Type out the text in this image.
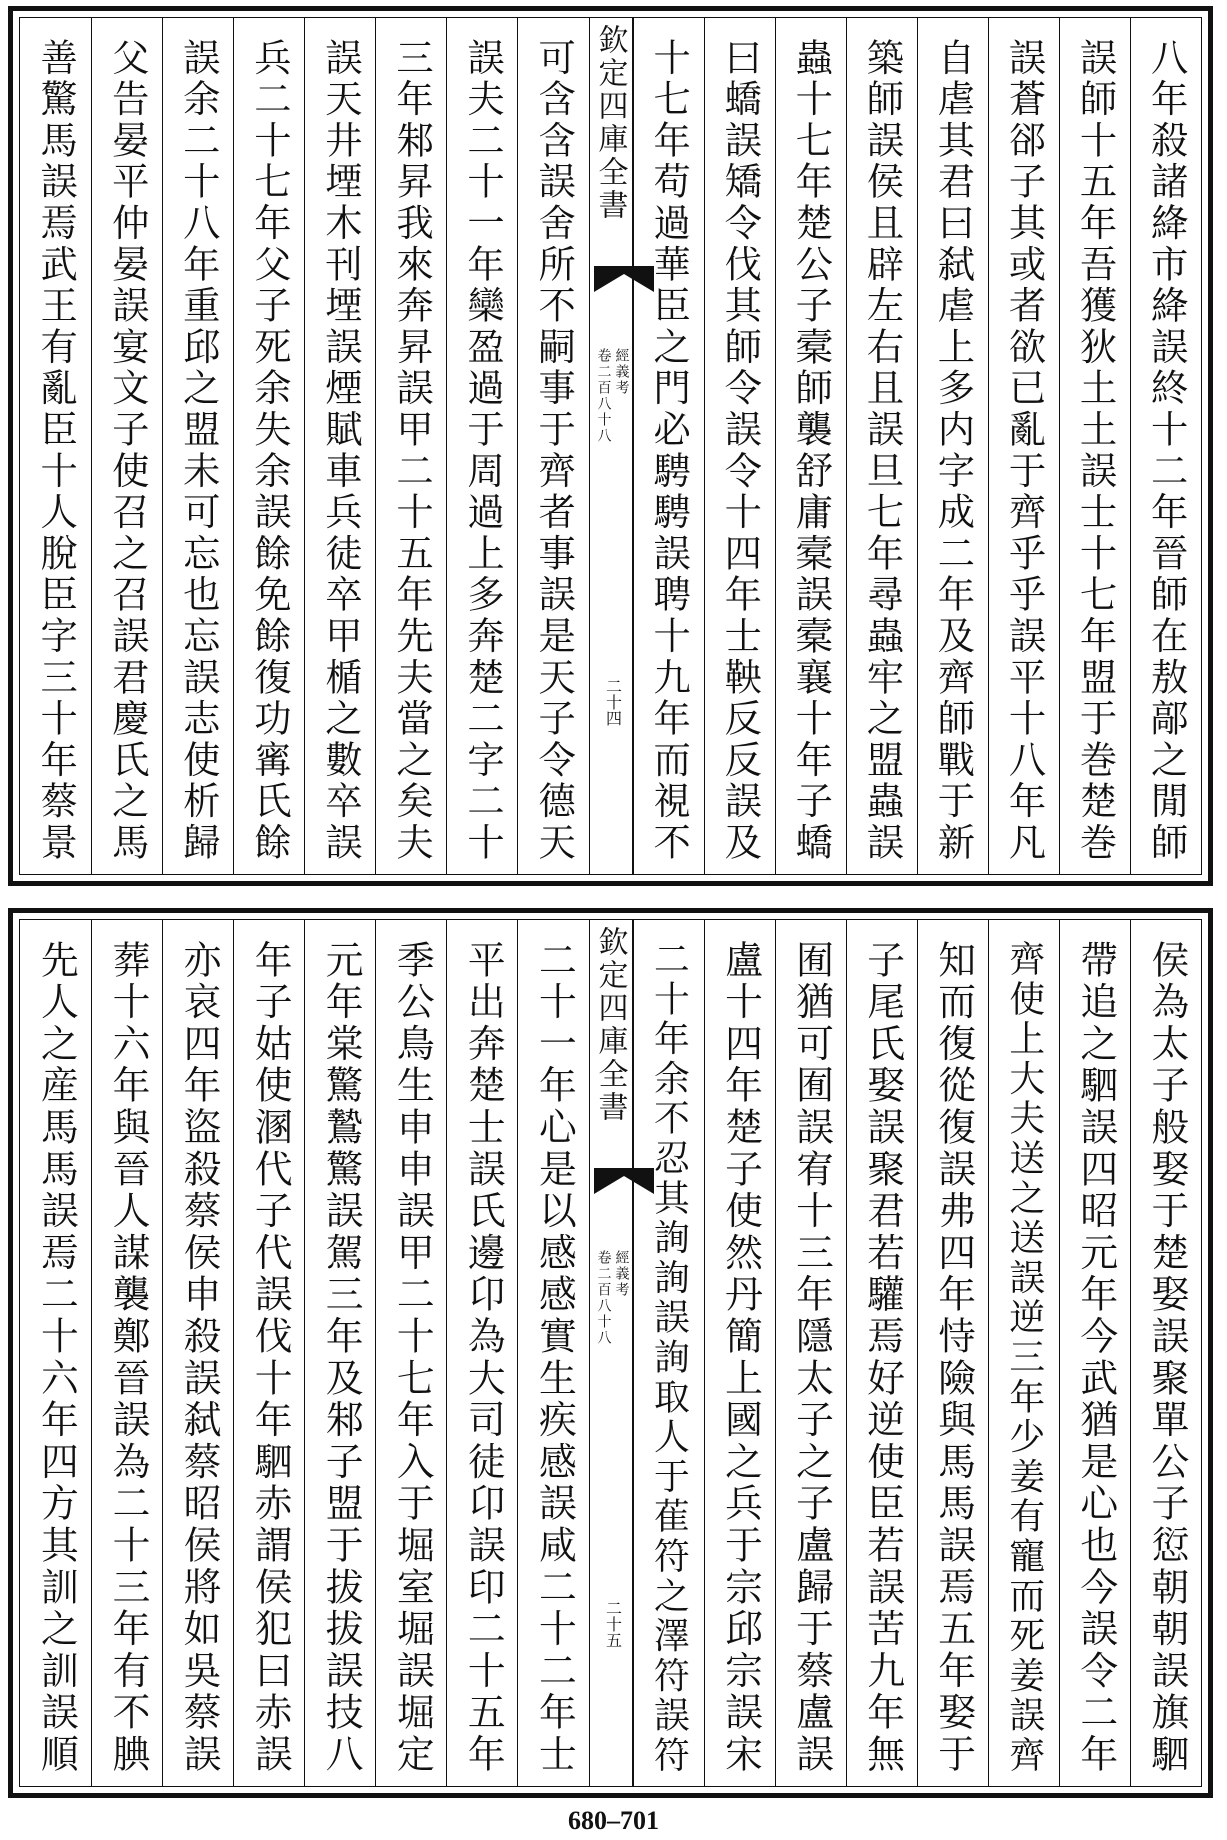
欽定四庫全書
經義考
卷二百八十八
二十四	八年殺諸絳市絳誤終十二年晉師在敖鄗之閒師
誤師十五年吾獲狄土土誤士十七年盟于巻楚巻
誤蒼郤子其或者欲已亂于齊乎乎誤平十八年凡
自虐其君曰弑虐上多内字成二年及齊師戰于新
築師誤侯且辟左右且誤旦七年尋蟲牢之盟蟲誤
蟲十七年楚公子槖師襲舒庸槖誤槖襄十年子蟜
曰蟜誤矯令伐其師令誤令十四年士鞅反反誤及
十七年苟過華臣之門必騁騁誤聘十九年而視不
可含含誤舍所不嗣事于齊者事誤是天子令德天
誤夫二十一年欒盈過于周過上多奔楚二字二十
三年邾昇我來奔昇誤甲二十五年先夫當之矣夫
誤天井堙木刊堙誤煙賦車兵徒卒甲楯之數卒誤
兵二十七年父子死余失余誤餘免餘復功寗氏餘
誤余二十八年重邱之盟未可忘也忘誤志使析歸
父告晏平仲晏誤宴文子使召之召誤君慶氏之馬
善驚馬誤焉武王有亂臣十人脫臣字三十年蔡景
欽定四庫全書
經義考
卷二百八十八
二十五	侯為太子般娶于楚娶誤聚單公子愆朝朝誤旗駟
帶追之駟誤四昭元年今武猶是心也今誤令二年
齊使上大夫送之送誤逆三年少姜有寵而死姜誤齊
知而復從復誤弗四年恃險與馬馬誤焉五年娶于
子尾氏娶誤聚君若驩焉好逆使臣若誤苦九年無
囿猶可囿誤宥十三年隱太子之子盧歸于蔡盧誤
盧十四年楚子使然丹簡上國之兵于宗邱宗誤宋
二十年余不忍其詢詢誤詢取人于萑符之澤符誤符
二十一年心是以感感實生疾感誤咸二十二年士
平出奔楚士誤氏邊卬為大司徒卬誤印二十五年
季公鳥生申申誤甲二十七年入于堀室堀誤堀定
元年棠驚鷙驚誤駕三年及邾子盟于拔拔誤技八
年子姑使溷代子代誤伐十年駟赤謂侯犯曰赤誤
亦哀四年盜殺蔡侯申殺誤弑蔡昭侯將如吳蔡誤
葬十六年與晉人謀襲鄭晉誤為二十三年有不腆
先人之産馬馬誤焉二十六年四方其訓之訓誤順
680–701
